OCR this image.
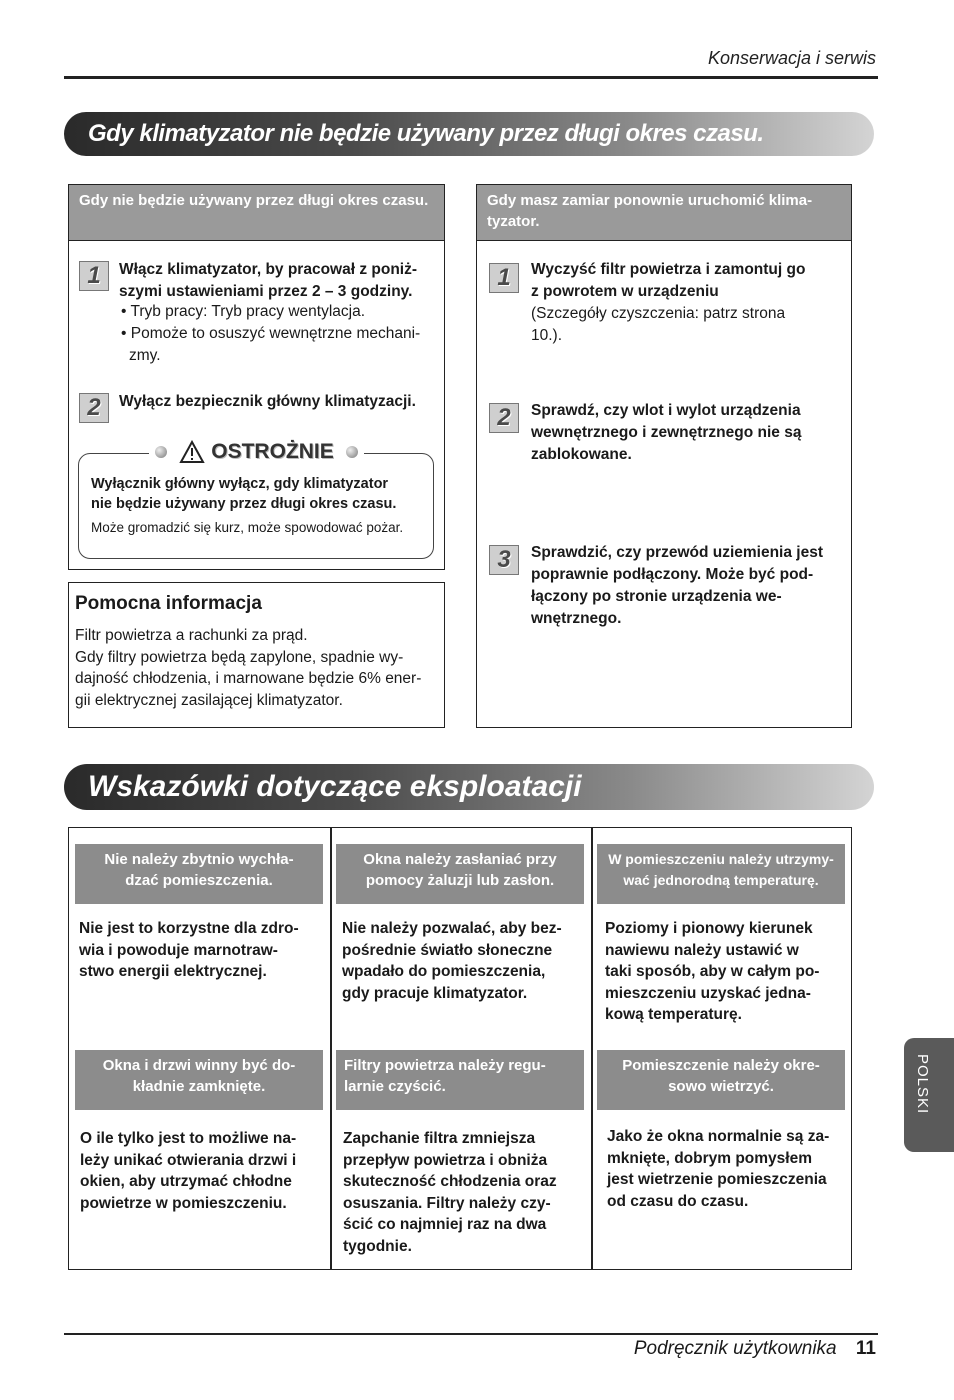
Konserwacja i serwis
Gdy klimatyzator nie będzie używany przez długi okres czasu.
Gdy nie będzie używany przez długi okres czasu.
1	Włącz klimatyzator, by pracował z poniż-
szymi ustawieniami przez 2 – 3 godziny.
• Tryb pracy: Tryb pracy wentylacja.
• Pomoże to osuszyć wewnętrzne mechani-
zmy.
2	Wyłącz bezpiecznik główny klimatyzacji.
Wyłącznik główny wyłącz, gdy klimatyzator
nie będzie używany przez długi okres czasu.
Może gromadzić się kurz, może spowodować pożar.
OSTROŻNIE
Pomocna informacja
Filtr powietrza a rachunki za prąd.
Gdy filtry powietrza będą zapylone, spadnie wy-
dajność chłodzenia, i marnowane będzie 6% ener-
gii elektrycznej zasilającej klimatyzator.
Gdy masz zamiar ponownie uruchomić klima-
tyzator.
1	Wyczyść filtr powietrza i zamontuj go
z powrotem w urządzeniu
(Szczegóły czyszczenia: patrz strona
10.).
2	Sprawdź, czy wlot i wylot urządzenia
wewnętrznego i zewnętrznego nie są
zablokowane.
3	Sprawdzić, czy przewód uziemienia jest
poprawnie podłączony. Może być pod-
łączony po stronie urządzenia we-
wnętrznego.
Wskazówki dotyczące eksploatacji
Nie należy zbytnio wychła-
dzać pomieszczenia.
Nie jest to korzystne dla zdro-
wia i powoduje marnotraw-
stwo energii elektrycznej.
Okna należy zasłaniać przy
pomocy żaluzji lub zasłon.
Nie należy pozwalać, aby bez-
pośrednie światło słoneczne
wpadało do pomieszczenia,
gdy pracuje klimatyzator.
W pomieszczeniu należy utrzymy-
wać jednorodną temperaturę.
Poziomy i pionowy kierunek
nawiewu należy ustawić w
taki sposób, aby w całym po-
mieszczeniu uzyskać jedna-
kową temperaturę.
Okna i drzwi winny być do-
kładnie zamknięte.
O ile tylko jest to możliwe na-
leży unikać otwierania drzwi i
okien, aby utrzymać chłodne
powietrze w pomieszczeniu.
Filtry powietrza należy regu-
larnie czyścić.
Zapchanie filtra zmniejsza
przepływ powietrza i obniża
skuteczność chłodzenia oraz
osuszania. Filtry należy czy-
ścić co najmniej raz na dwa
tygodnie.
Pomieszczenie należy okre-
sowo wietrzyć.
Jako że okna normalnie są za-
mknięte, dobrym pomysłem
jest wietrzenie pomieszczenia
od czasu do czasu.
POLSKI
Podręcznik użytkownika 11
